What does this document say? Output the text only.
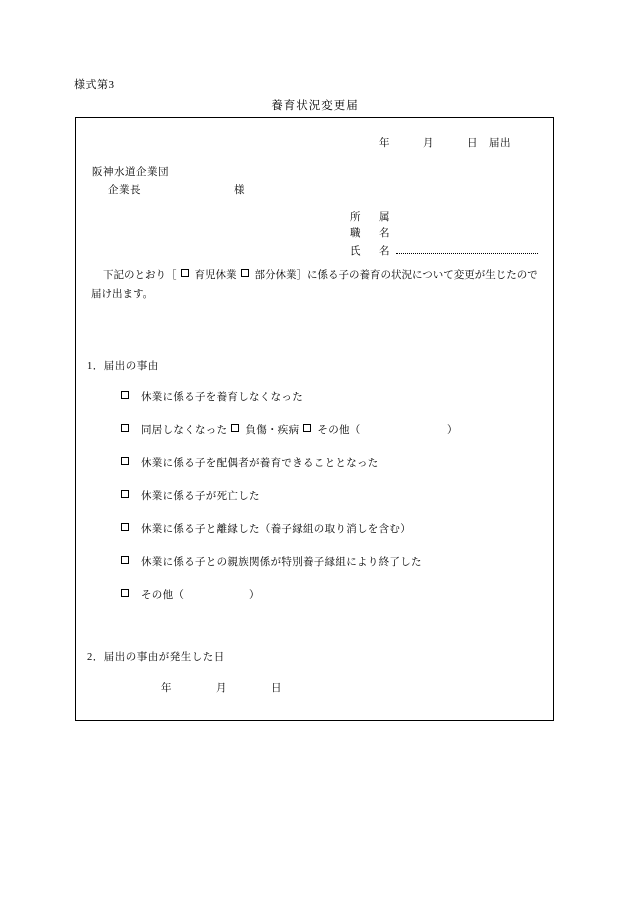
様式第3
養育状況変更届
年　　　月　　　日　届出
阪神水道企業団
企業長	様
所　属
職　名
氏　名
下記のとおり［ 育児休業 部分休業］に係る子の養育の状況について変更が生じたので届け出ます。
1．届出の事由
休業に係る子を養育しなくなった
同居しなくなった 負傷・疾病 その他（　　　　　　　　）
休業に係る子を配偶者が養育できることとなった
休業に係る子が死亡した
休業に係る子と離縁した（養子縁組の取り消しを含む）
休業に係る子との親族関係が特別養子縁組により終了した
その他（　　　　　　）
2．届出の事由が発生した日
年　　　　月　　　　日
